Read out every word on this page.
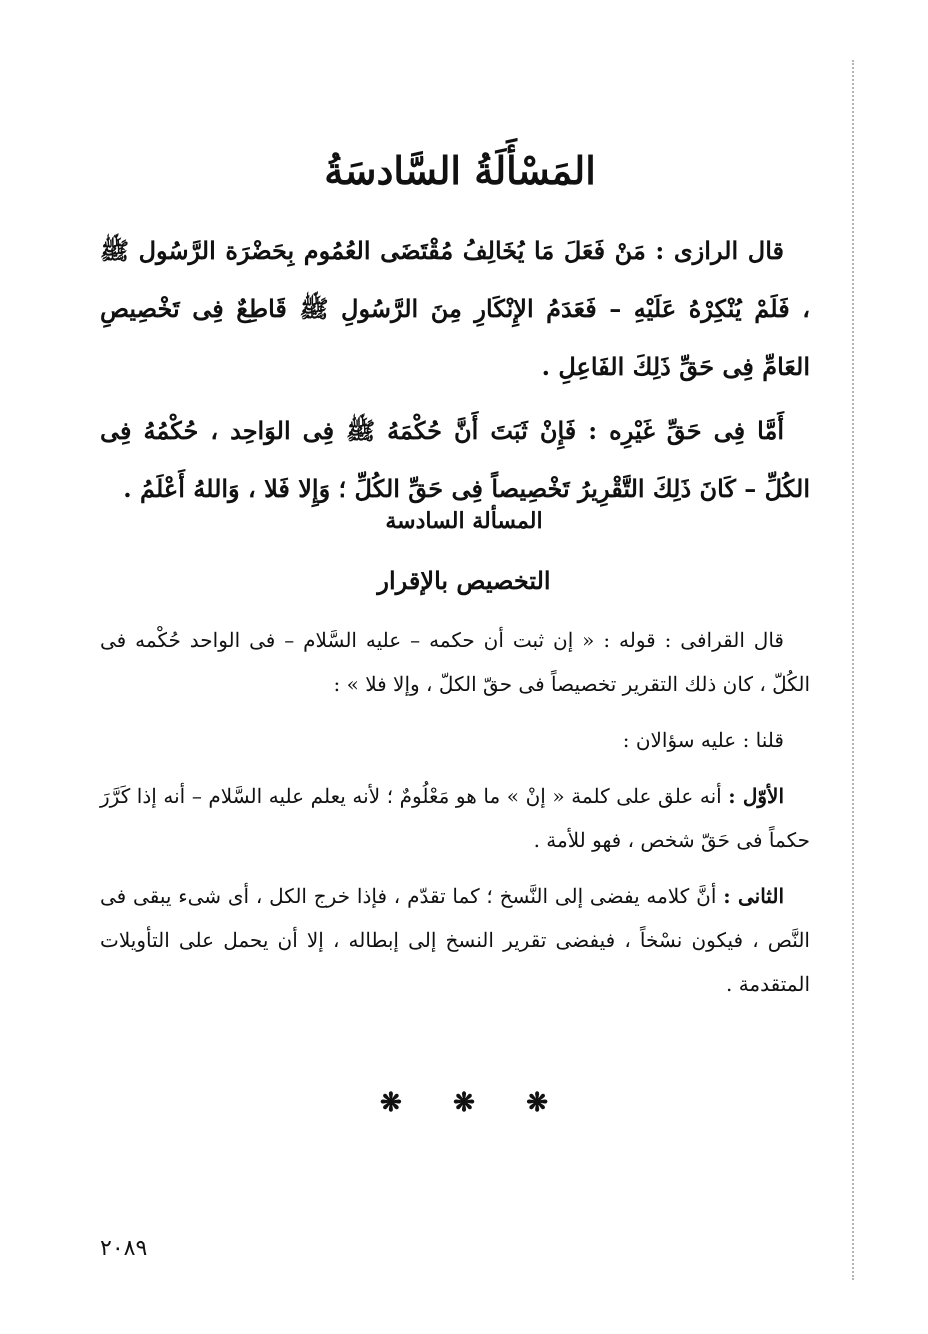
المَسْأَلَةُ السَّادسَةُ

قال الرازى : مَنْ فَعَلَ مَا يُخَالِفُ مُقْتَضَى العُمُوم بِحَضْرَة الرَّسُول ﷺ ، فَلَمْ يُنْكِرْهُ عَلَيْهِ – فَعَدَمُ الإِنْكَارِ مِنَ الرَّسُولِ ﷺ قَاطِعٌ فِى تَخْصِيصِ العَامِّ فِى حَقِّ ذَلِكَ الفَاعِلِ .

أَمَّا فِى حَقِّ غَيْرِه : فَإِنْ ثَبَتَ أَنَّ حُكْمَهُ ﷺ فِى الوَاحِد ، حُكْمُهُ فِى الكُلِّ – كَانَ ذَلِكَ التَّقْرِيرُ تَخْصِيصاً فِى حَقِّ الكُلِّ ؛ وَإِلا فَلا ، وَاللهُ أَعْلَمُ .

المسألة السادسة
التخصيص بالإقرار

قال القرافى : قوله : « إن ثبت أن حكمه – عليه السَّلام – فى الواحد حُكْمه فى الكُلّ ، كان ذلك التقرير تخصيصاً فى حقّ الكلّ ، وإلا فلا » :

قلنا : عليه سؤالان :

الأوّل : أنه علق على كلمة « إنْ » ما هو مَعْلُومٌ ؛ لأنه يعلم عليه السَّلام – أنه إذا كَرَّرَ حكماً فى حَقّ شخص ، فهو للأمة .

الثانى : أنَّ كلامه يفضى إلى النَّسخ ؛ كما تقدّم ، فإذا خرج الكل ، أى شىء يبقى فى النَّص ، فيكون نسْخاً ، فيفضى تقرير النسخ إلى إبطاله ، إلا أن يحمل على التأويلات المتقدمة .

❋ ❋ ❋
٢٠٨٩
